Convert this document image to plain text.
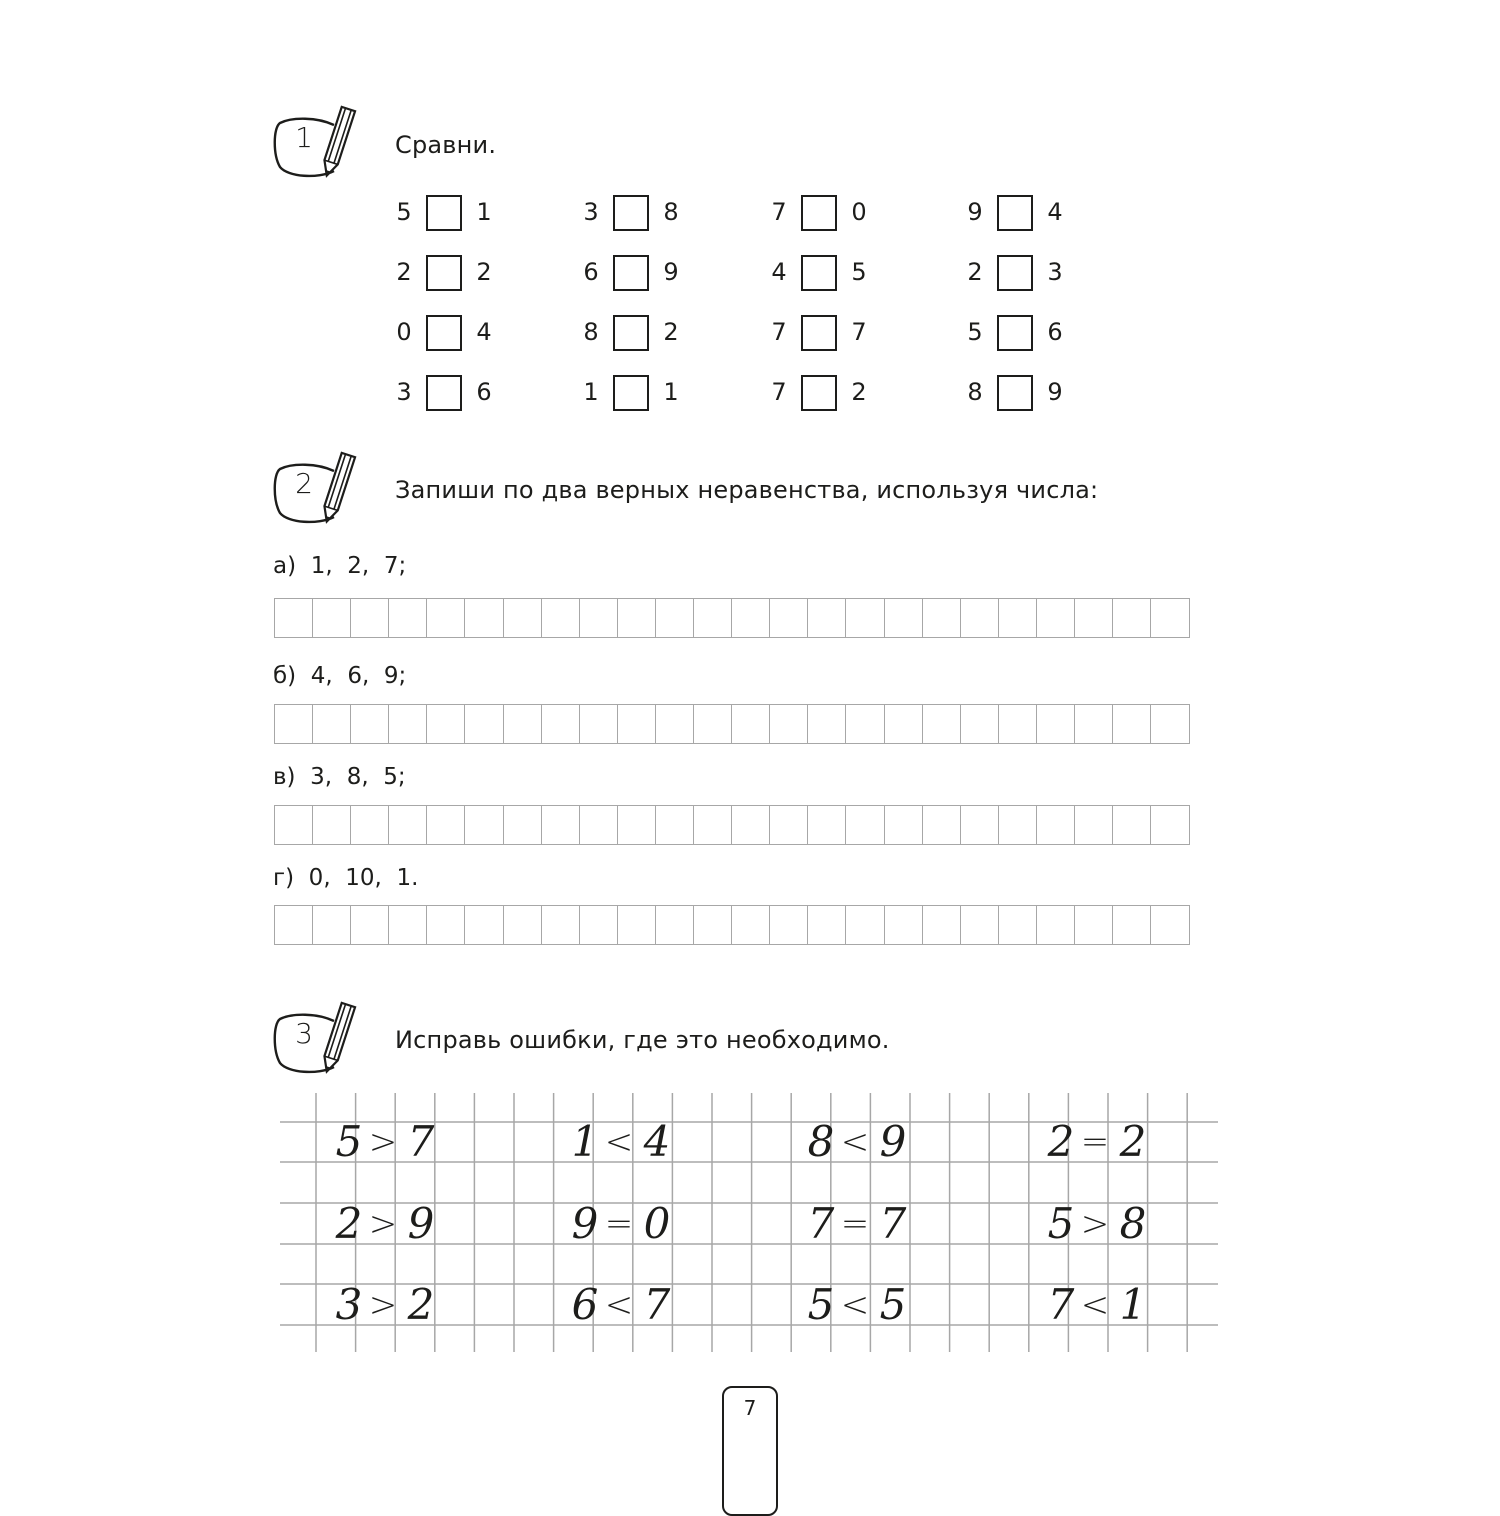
1	Сравни.
5	1	3	8	7	0	9	4
2	2	6	9	4	5	2	3
0	4	8	2	7	7	5	6
3	6	1	1	7	2	8	9
2	Запиши по два верных неравенства, используя числа:
а)  1,  2,  7;
б)  4,  6,  9;
в)  3,  8,  5;
г)  0,  10,  1.
3	Исправь ошибки, где это необходимо.
5 > 7	1 < 4	8 < 9	2 = 2
2 > 9	9 = 0	7 = 7	5 > 8
3 > 2	6 < 7	5 < 5	7 < 1
7
